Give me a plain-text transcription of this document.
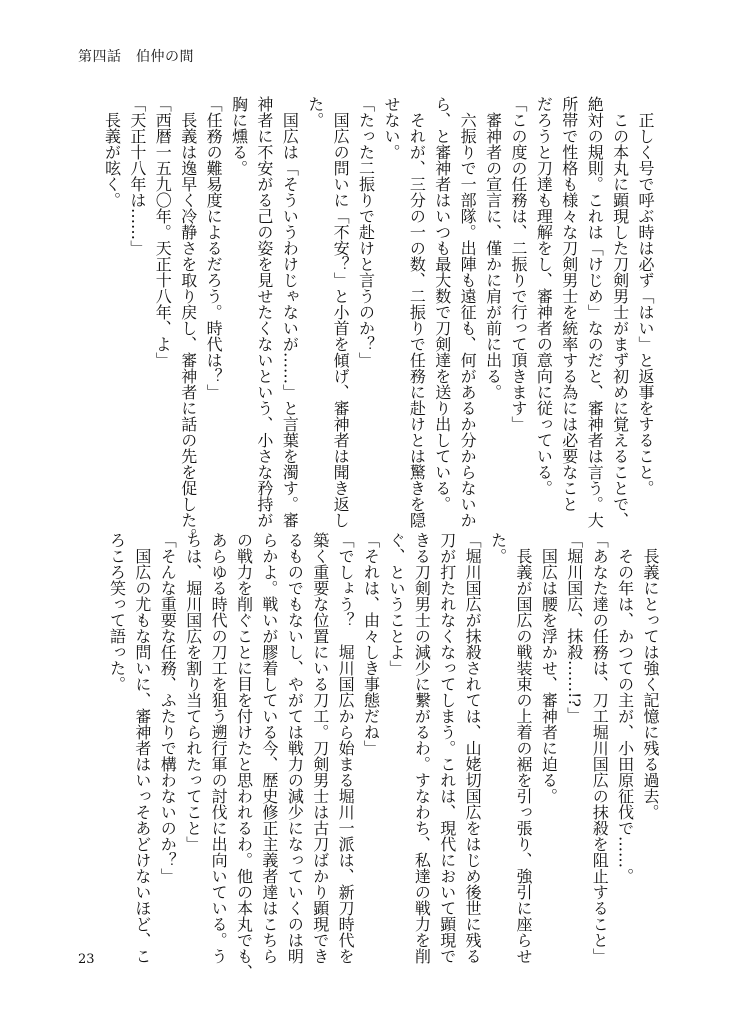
第四話　伯仲の間
　正しく号で呼ぶ時は必ず「はい」と返事をすること。
　この本丸に顕現した刀剣男士がまず初めに覚えることで、
絶対の規則。これは「けじめ」なのだと、審神者は言う。大
所帯で性格も様々な刀剣男士を統率する為には必要なこと
だろうと刀達も理解をし、審神者の意向に従っている。
「この度の任務は、二振りで行って頂きます」
　審神者の宣言に、僅かに肩が前に出る。
　六振りで一部隊。出陣も遠征も、何があるか分からないか
ら、と審神者はいつも最大数で刀剣達を送り出している。
　それが、三分の一の数、二振りで任務に赴けとは驚きを隠
せない。
「たった二振りで赴けと言うのか？」
　国広の問いに「不安？」と小首を傾げ、審神者は聞き返し
た。
　国広は「そういうわけじゃないが……」と言葉を濁す。審
神者に不安がる己の姿を見せたくないという、小さな矜持が
胸に燻る。
「任務の難易度によるだろう。時代は？」
　長義は逸早く冷静さを取り戻し、審神者に話の先を促した。
「西暦一五九〇年。天正十八年、よ」
「天正十八年は……」
　長義が呟く。
　長義にとっては強く記憶に残る過去。
　その年は、かつての主が、小田原征伐で……。
「あなた達の任務は、刀工堀川国広の抹殺を阻止すること」
「堀川国広、抹殺……!?」
　国広は腰を浮かせ、審神者に迫る。
　長義が国広の戦装束の上着の裾を引っ張り、強引に座らせ
た。
「堀川国広が抹殺されては、山姥切国広をはじめ後世に残る
刀が打たれなくなってしまう。これは、現代において顕現で
きる刀剣男士の減少に繋がるわ。すなわち、私達の戦力を削
ぐ、ということよ」
「それは、由々しき事態だね」
「でしょう？　堀川国広から始まる堀川一派は、新刀時代を
築く重要な位置にいる刀工。刀剣男士は古刀ばかり顕現でき
るものでもないし、やがては戦力の減少になっていくのは明
らかよ。戦いが膠着している今、歴史修正主義者達はこちら
の戦力を削ぐことに目を付けたと思われるわ。他の本丸でも、
あらゆる時代の刀工を狙う遡行軍の討伐に出向いている。う
ちは、堀川国広を割り当てられたってこと」
「そんな重要な任務、ふたりで構わないのか？」
　国広の尤もな問いに、審神者はいっそあどけないほど、こ
ろころ笑って語った。
23
